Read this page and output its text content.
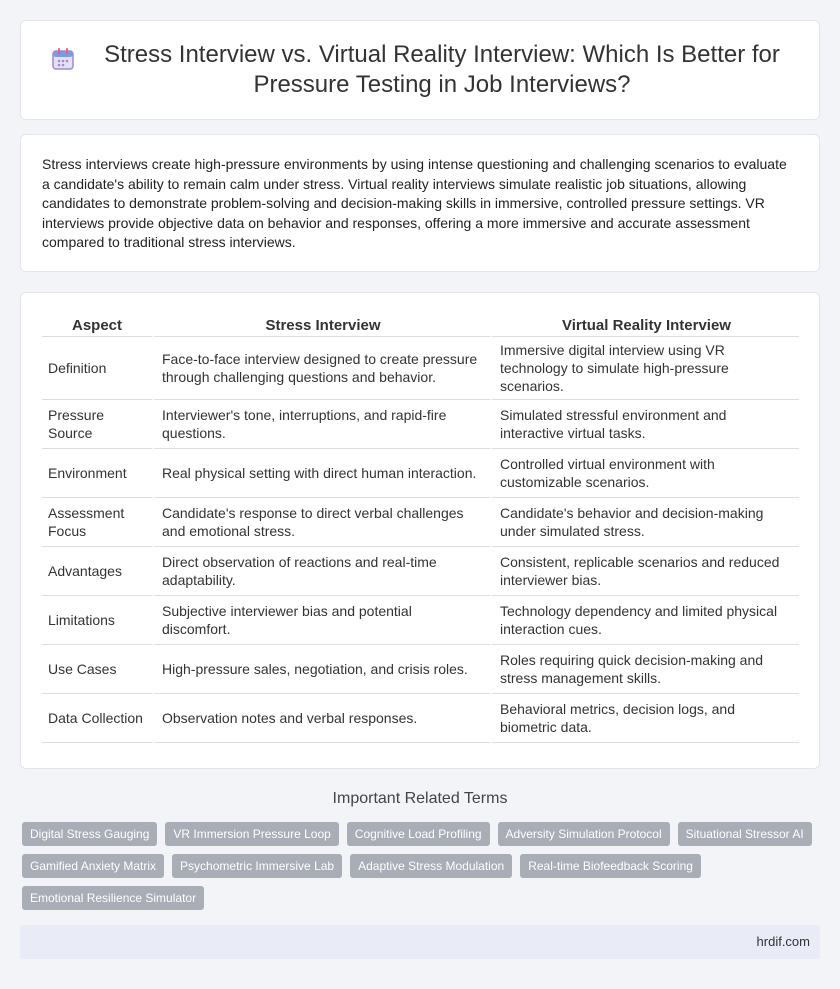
Stress Interview vs. Virtual Reality Interview: Which Is Better for Pressure Testing in Job Interviews?

Stress interviews create high-pressure environments by using intense questioning and challenging scenarios to evaluate a candidate's ability to remain calm under stress. Virtual reality interviews simulate realistic job situations, allowing candidates to demonstrate problem-solving and decision-making skills in immersive, controlled pressure settings. VR interviews provide objective data on behavior and responses, offering a more immersive and accurate assessment compared to traditional stress interviews.

Aspect	Stress Interview	Virtual Reality Interview
Definition	Face-to-face interview designed to create pressure through challenging questions and behavior.	Immersive digital interview using VR technology to simulate high-pressure scenarios.
Pressure Source	Interviewer's tone, interruptions, and rapid-fire questions.	Simulated stressful environment and interactive virtual tasks.
Environment	Real physical setting with direct human interaction.	Controlled virtual environment with customizable scenarios.
Assessment Focus	Candidate's response to direct verbal challenges and emotional stress.	Candidate's behavior and decision-making under simulated stress.
Advantages	Direct observation of reactions and real-time adaptability.	Consistent, replicable scenarios and reduced interviewer bias.
Limitations	Subjective interviewer bias and potential discomfort.	Technology dependency and limited physical interaction cues.
Use Cases	High-pressure sales, negotiation, and crisis roles.	Roles requiring quick decision-making and stress management skills.
Data Collection	Observation notes and verbal responses.	Behavioral metrics, decision logs, and biometric data.
Important Related Terms
Digital Stress Gauging	VR Immersion Pressure Loop	Cognitive Load Profiling	Adversity Simulation Protocol	Situational Stressor AI
Gamified Anxiety Matrix	Psychometric Immersive Lab	Adaptive Stress Modulation	Real-time Biofeedback Scoring
Emotional Resilience Simulator
hrdif.com
